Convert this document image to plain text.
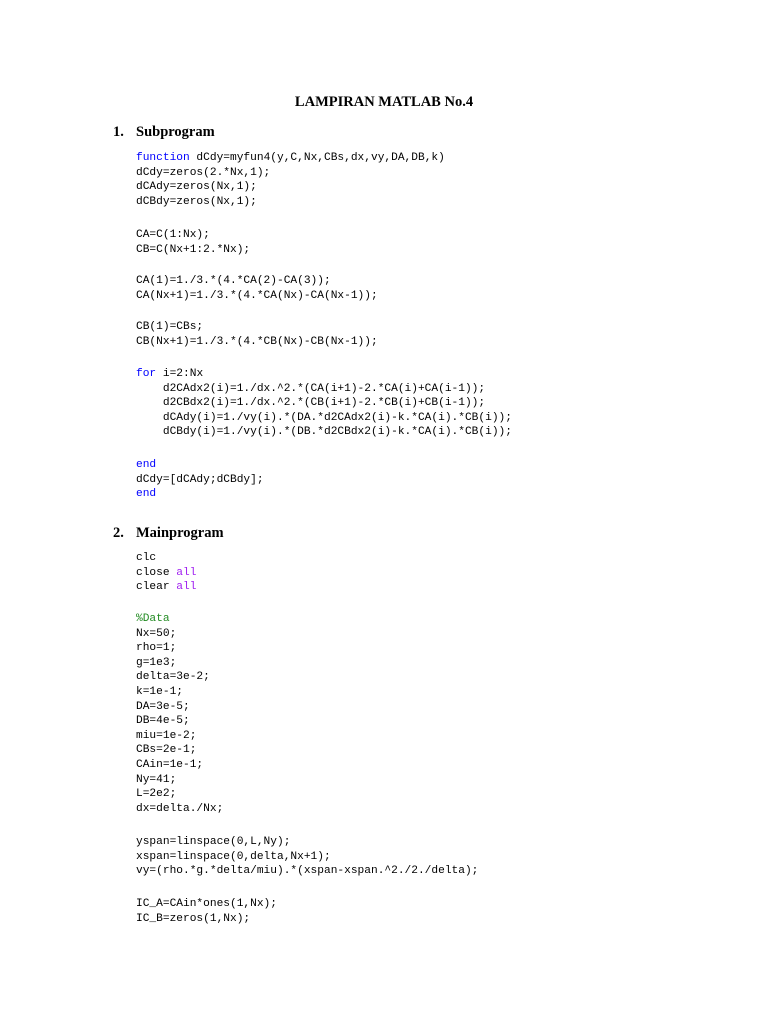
LAMPIRAN MATLAB No.4
1. Subprogram
function dCdy=myfun4(y,C,Nx,CBs,dx,vy,DA,DB,k)
dCdy=zeros(2.*Nx,1);
dCAdy=zeros(Nx,1);
dCBdy=zeros(Nx,1);
CA=C(1:Nx);
CB=C(Nx+1:2.*Nx);
CA(1)=1./3.*(4.*CA(2)-CA(3));
CA(Nx+1)=1./3.*(4.*CA(Nx)-CA(Nx-1));
CB(1)=CBs;
CB(Nx+1)=1./3.*(4.*CB(Nx)-CB(Nx-1));
for i=2:Nx
d2CAdx2(i)=1./dx.^2.*(CA(i+1)-2.*CA(i)+CA(i-1));
d2CBdx2(i)=1./dx.^2.*(CB(i+1)-2.*CB(i)+CB(i-1));
dCAdy(i)=1./vy(i).*(DA.*d2CAdx2(i)-k.*CA(i).*CB(i));
dCBdy(i)=1./vy(i).*(DB.*d2CBdx2(i)-k.*CA(i).*CB(i));
end
dCdy=[dCAdy;dCBdy];
end
2. Mainprogram
clc
close all
clear all
%Data
Nx=50;
rho=1;
g=1e3;
delta=3e-2;
k=1e-1;
DA=3e-5;
DB=4e-5;
miu=1e-2;
CBs=2e-1;
CAin=1e-1;
Ny=41;
L=2e2;
dx=delta./Nx;
yspan=linspace(0,L,Ny);
xspan=linspace(0,delta,Nx+1);
vy=(rho.*g.*delta/miu).*(xspan-xspan.^2./2./delta);
IC_A=CAin*ones(1,Nx);
IC_B=zeros(1,Nx);
